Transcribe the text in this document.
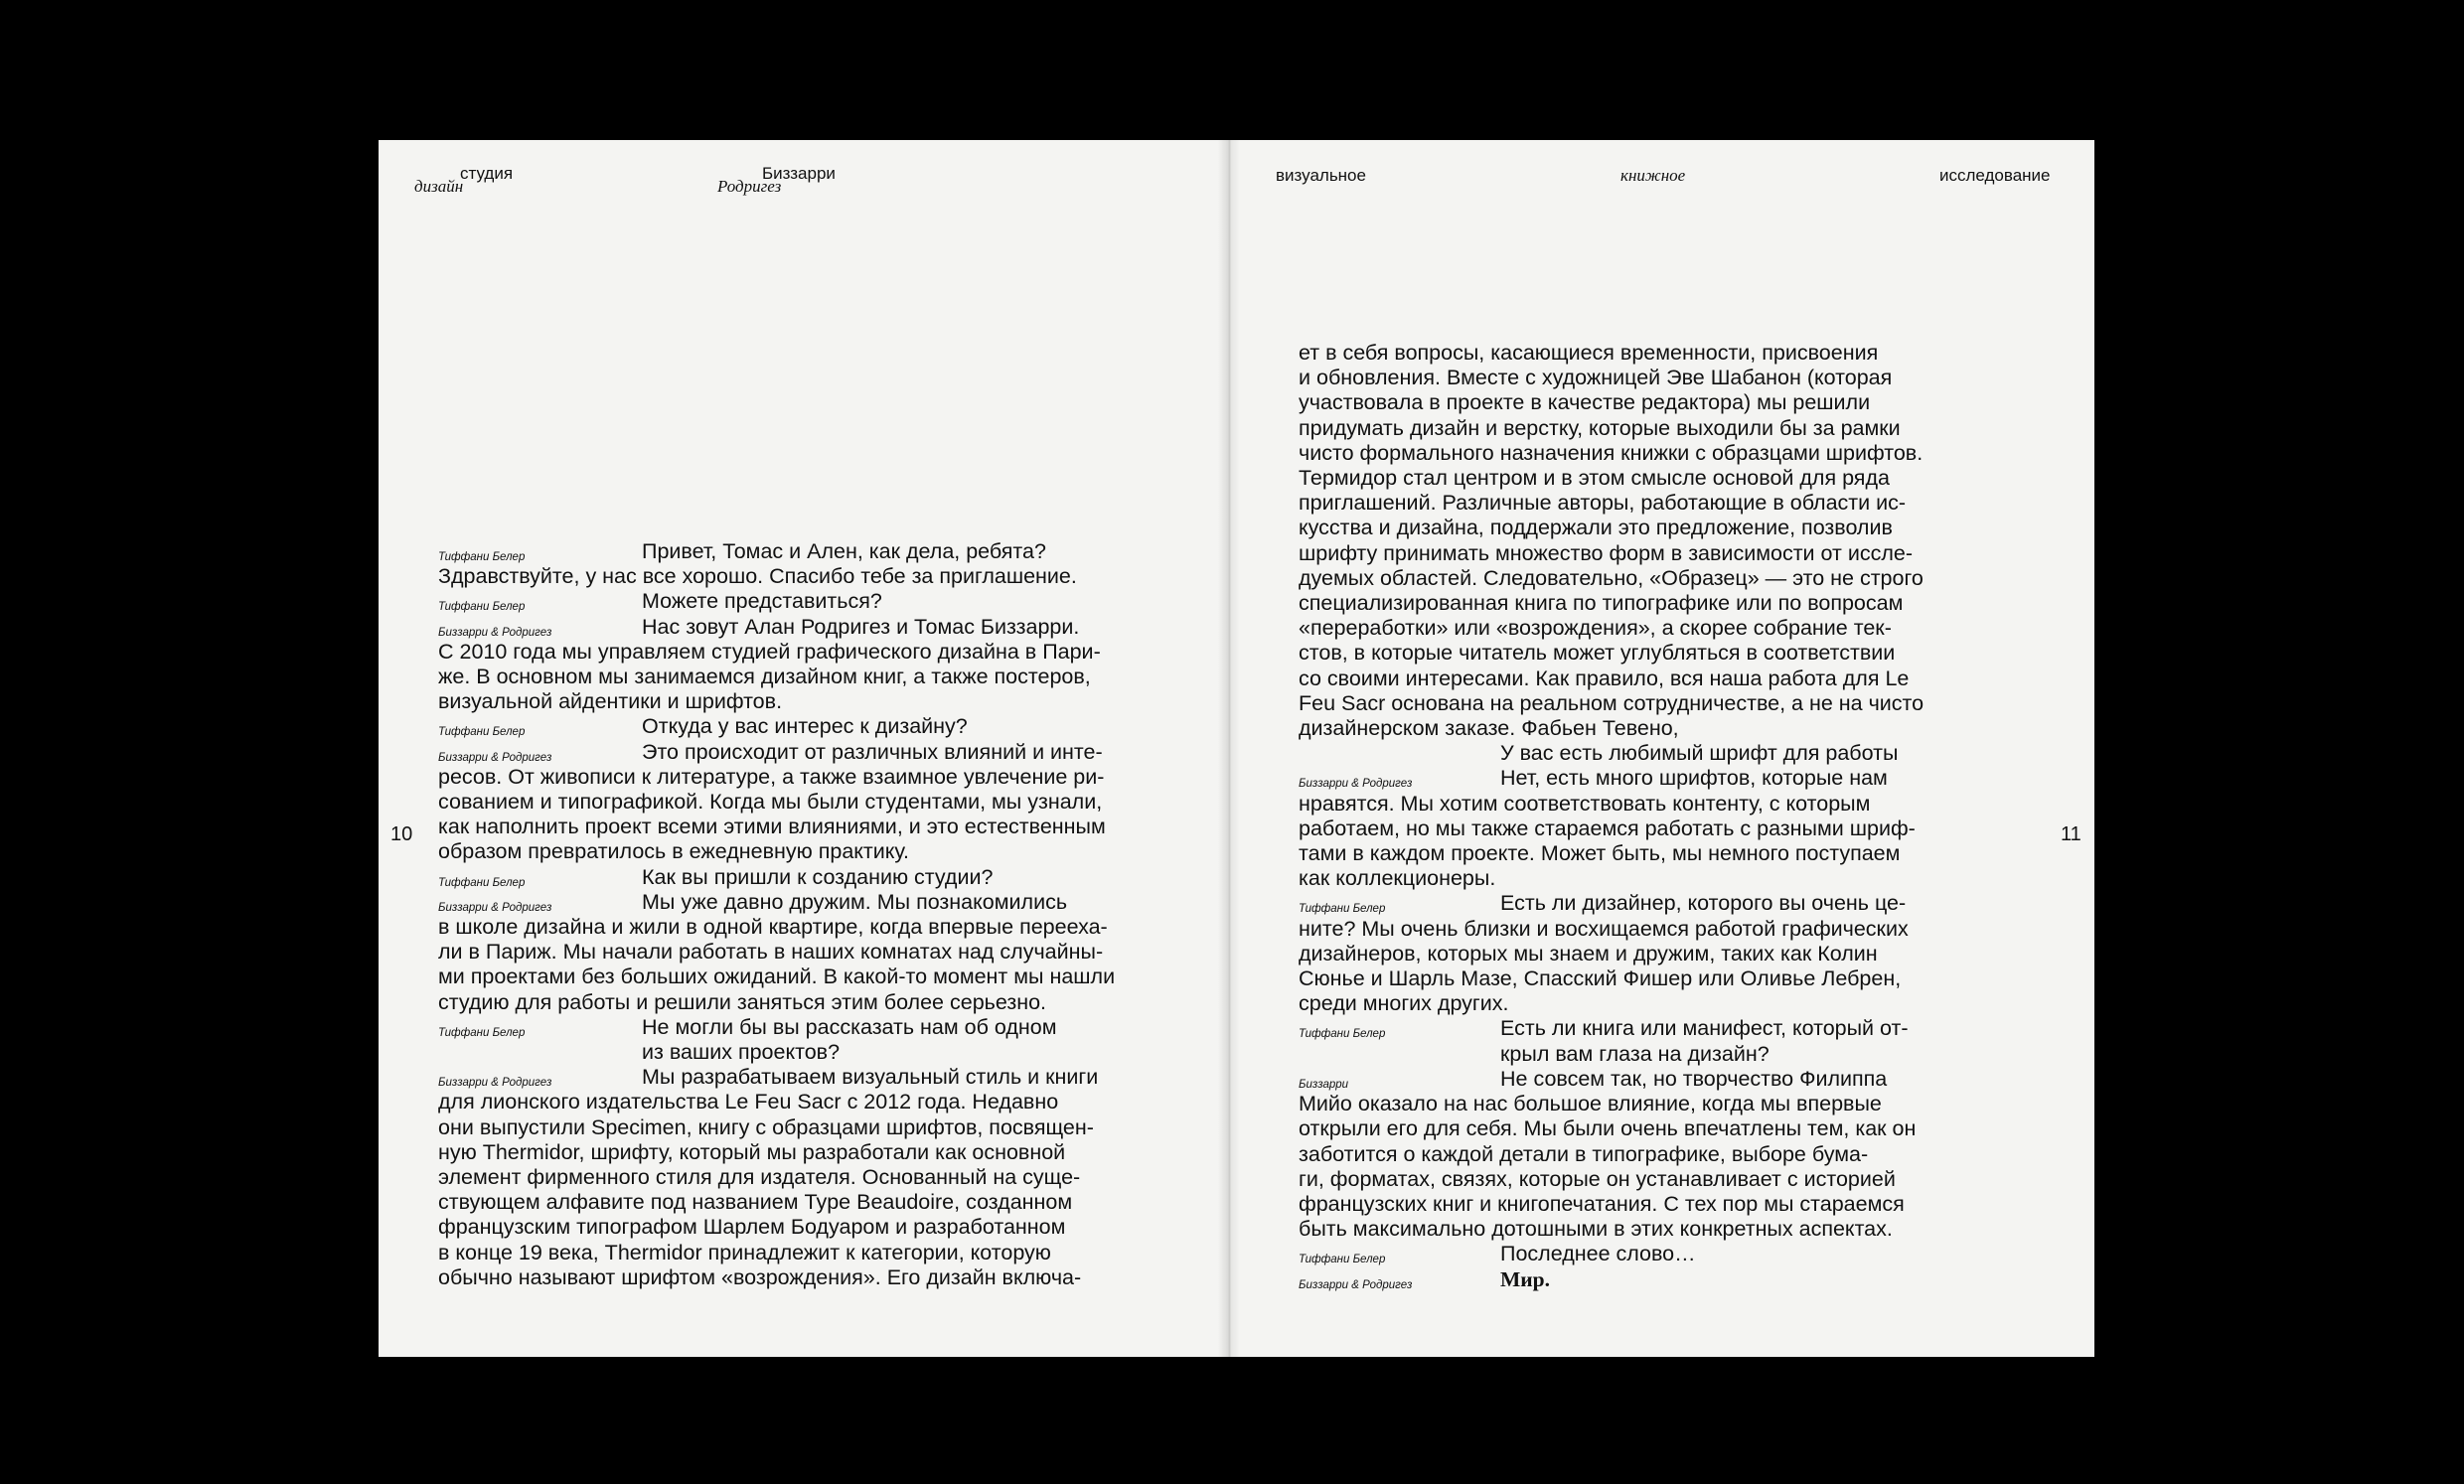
дизайн
студия
Родригез
Биззарри
10
Тиффани Белер	Привет, Томас и Ален, как дела, ребята?
Здравствуйте, у нас все хорошо. Спасибо тебе за приглашение.
Тиффани Белер	Можете представиться?
Биззарри & Родригез	Нас зовут Алан Родригез и Томас Биззарри.
С 2010 года мы управляем студией графического дизайна в Пари-
же. В основном мы занимаемся дизайном книг, а также постеров,
визуальной айдентики и шрифтов.
Тиффани Белер	Откуда у вас интерес к дизайну?
Биззарри & Родригез	Это происходит от различных влияний и инте-
ресов. От живописи к литературе, а также взаимное увлечение ри-
сованием и типографикой. Когда мы были студентами, мы узнали,
как наполнить проект всеми этими влияниями, и это естественным
образом превратилось в ежедневную практику.
Тиффани Белер	Как вы пришли к созданию студии?
Биззарри & Родригез	Мы уже давно дружим. Мы познакомились
в школе дизайна и жили в одной квартире, когда впервые перееха-
ли в Париж. Мы начали работать в наших комнатах над случайны-
ми проектами без больших ожиданий. В какой-то момент мы нашли
студию для работы и решили заняться этим более серьезно.
Тиффани Белер	Не могли бы вы рассказать нам об одном
из ваших проектов?
Биззарри & Родригез	Мы разрабатываем визуальный стиль и книги
для лионского издательства Le Feu Sacr с 2012 года. Недавно
они выпустили Specimen, книгу с образцами шрифтов, посвящен-
ную Thermidor, шрифту, который мы разработали как основной
элемент фирменного стиля для издателя. Основанный на суще-
ствующем алфавите под названием Type Beaudoire, созданном
французским типографом Шарлем Бодуаром и разработанном
в конце 19 века, Thermidor принадлежит к категории, которую
обычно называют шрифтом «возрождения». Его дизайн включа-
визуальное	книжное	исследование
11
ет в себя вопросы, касающиеся временности, присвоения
и обновления. Вместе с художницей Эве Шабанон (которая
участвовала в проекте в качестве редактора) мы решили
придумать дизайн и верстку, которые выходили бы за рамки
чисто формального назначения книжки с образцами шрифтов.
Термидор стал центром и в этом смысле основой для ряда
приглашений. Различные авторы, работающие в области ис-
кусства и дизайна, поддержали это предложение, позволив
шрифту принимать множество форм в зависимости от иссле-
дуемых областей. Следовательно, «Образец» — это не строго
специализированная книга по типографике или по вопросам
«переработки» или «возрождения», а скорее собрание тек-
стов, в которые читатель может углубляться в соответствии
со своими интересами. Как правило, вся наша работа для Le
Feu Sacr основана на реальном сотрудничестве, а не на чисто
дизайнерском заказе. Фабьен Тевено,
У вас есть любимый шрифт для работы
Биззарри & Родригез	Нет, есть много шрифтов, которые нам
нравятся. Мы хотим соответствовать контенту, с которым
работаем, но мы также стараемся работать с разными шриф-
тами в каждом проекте. Может быть, мы немного поступаем
как коллекционеры.
Тиффани Белер	Есть ли дизайнер, которого вы очень це-
ните? Мы очень близки и восхищаемся работой графических
дизайнеров, которых мы знаем и дружим, таких как Колин
Сюнье и Шарль Мазе, Спасский Фишер или Оливье Лебрен,
среди многих других.
Тиффани Белер	Есть ли книга или манифест, который от-
крыл вам глаза на дизайн?
Биззарри	Не совсем так, но творчество Филиппа
Мийо оказало на нас большое влияние, когда мы впервые
открыли его для себя. Мы были очень впечатлены тем, как он
заботится о каждой детали в типографике, выборе бума-
ги, форматах, связях, которые он устанавливает с историей
французских книг и книгопечатания. С тех пор мы стараемся
быть максимально дотошными в этих конкретных аспектах.
Тиффани Белер	Последнее слово…
Биззарри & Родригез	Мир.
